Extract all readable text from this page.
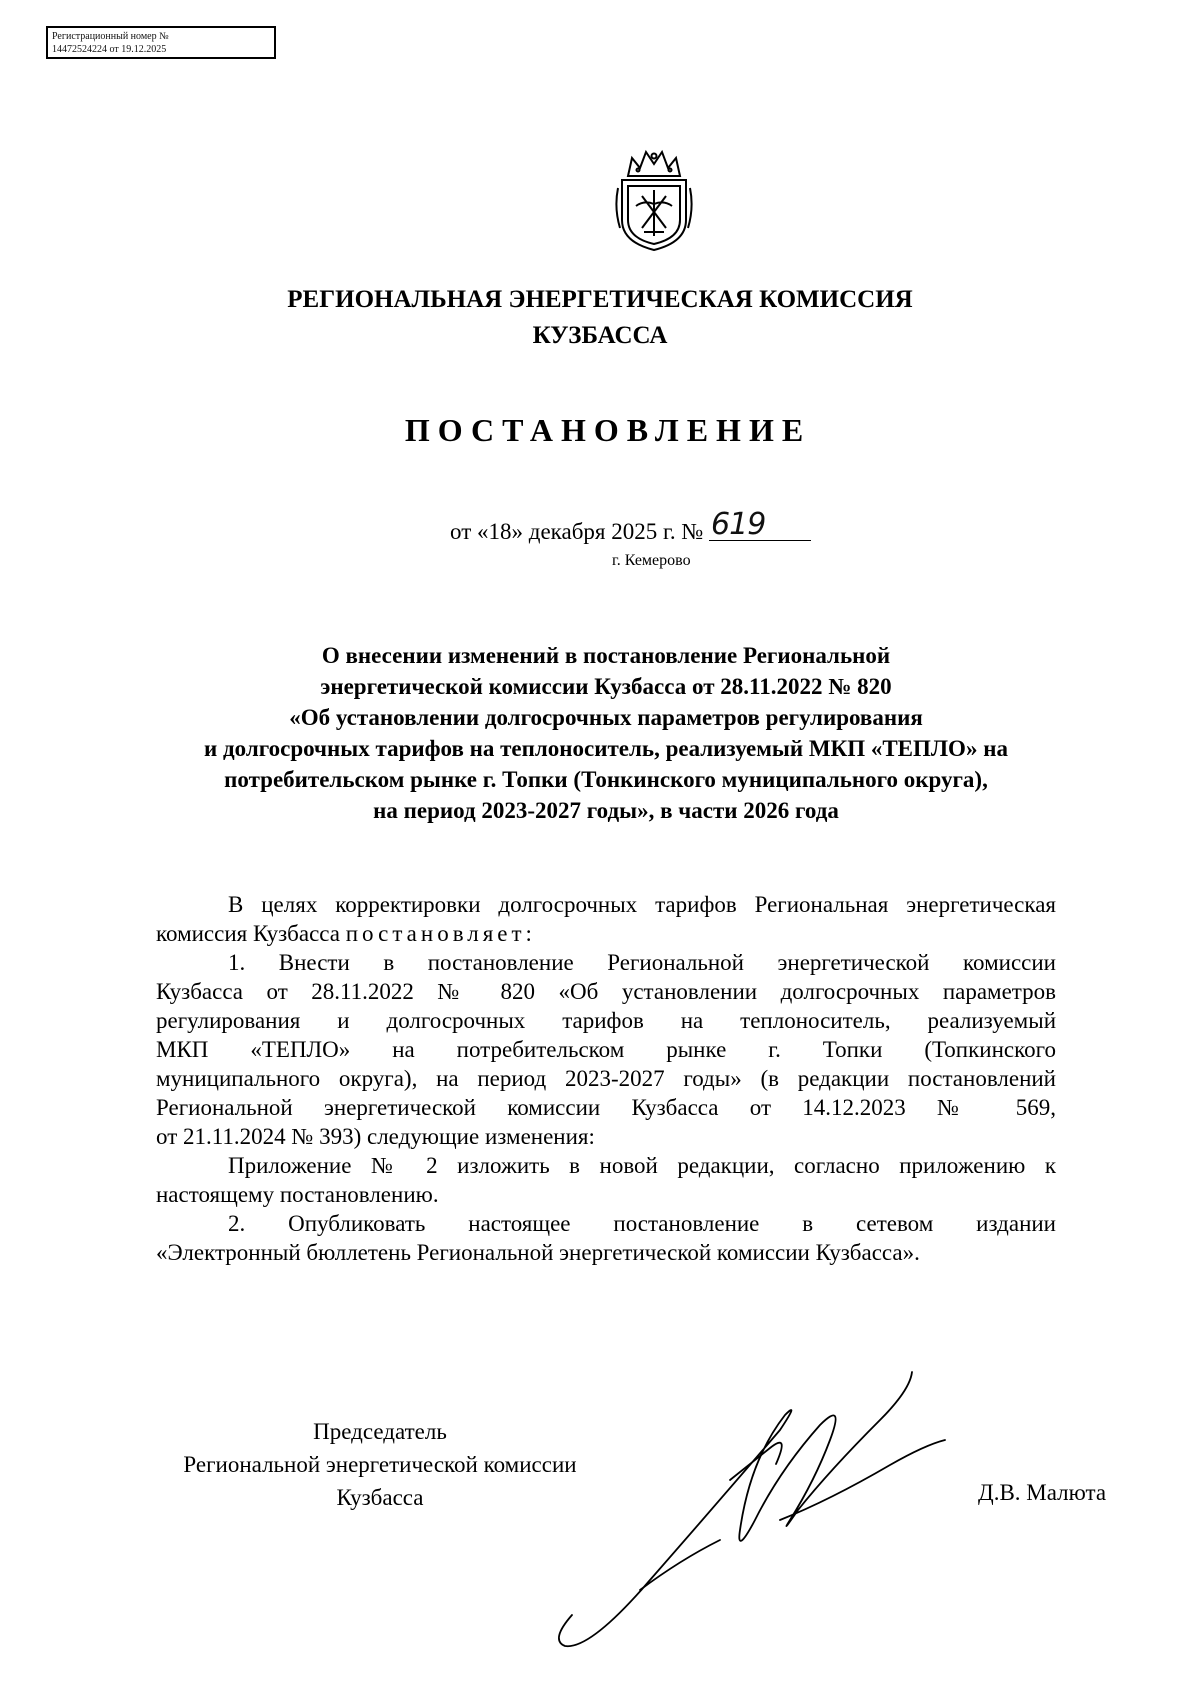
Регистрационный номер №
14472524224 от 19.12.2025
РЕГИОНАЛЬНАЯ ЭНЕРГЕТИЧЕСКАЯ КОМИССИЯ
КУЗБАССА
ПОСТАНОВЛЕНИЕ
от «18» декабря 2025 г. № 619
г. Кемерово
О внесении изменений в постановление Региональной
энергетической комиссии Кузбасса от 28.11.2022 № 820
«Об установлении долгосрочных параметров регулирования
и долгосрочных тарифов на теплоноситель, реализуемый МКП «ТЕПЛО» на
потребительском рынке г. Топки (Тонкинского муниципального округа),
на период 2023-2027 годы», в части 2026 года
В целях корректировки долгосрочных тарифов Региональная энергетическая
комиссия Кузбасса постановляет:
1. Внести в постановление Региональной энергетической комиссии
Кузбасса от 28.11.2022 № 820 «Об установлении долгосрочных параметров
регулирования и долгосрочных тарифов на теплоноситель, реализуемый
МКП «ТЕПЛО» на потребительском рынке г. Топки (Топкинского
муниципального округа), на период 2023-2027 годы» (в редакции постановлений
Региональной энергетической комиссии Кузбасса от 14.12.2023 № 569,
от 21.11.2024 № 393) следующие изменения:
Приложение № 2 изложить в новой редакции, согласно приложению к
настоящему постановлению.
2. Опубликовать настоящее постановление в сетевом издании
«Электронный бюллетень Региональной энергетической комиссии Кузбасса».
Председатель
Региональной энергетической комиссии
Кузбасса	Д.В. Малюта
